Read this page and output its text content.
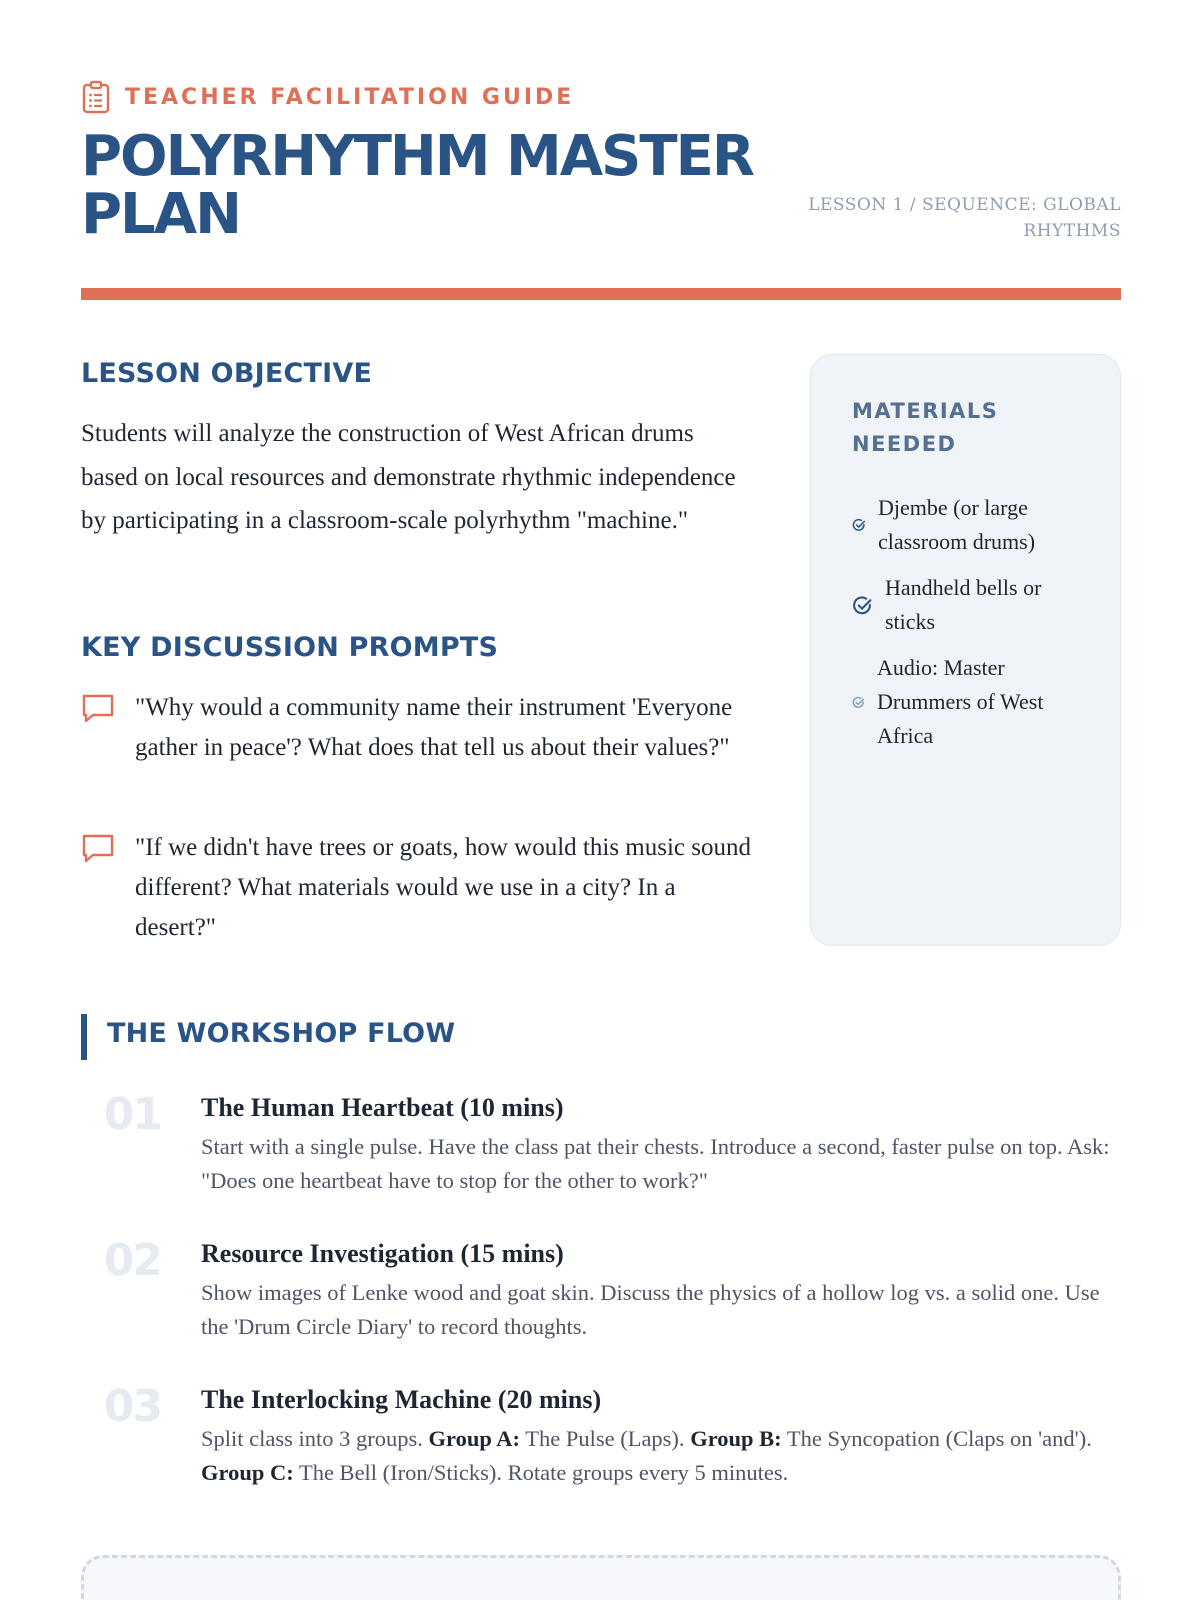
TEACHER FACILITATION GUIDE
POLYRHYTHM MASTER PLAN	LESSON 1 / SEQUENCE: GLOBAL RHYTHMS
LESSON OBJECTIVE

Students will analyze the construction of West African drums based on local resources and demonstrate rhythmic independence by participating in a classroom-scale polyrhythm "machine."

KEY DISCUSSION PROMPTS
"Why would a community name their instrument 'Everyone gather in peace'? What does that tell us about their values?"
"If we didn't have trees or goats, how would this music sound different? What materials would we use in a city? In a desert?"
MATERIALS NEEDED
Djembe (or large classroom drums)
Handheld bells or sticks
Audio: Master Drummers of West Africa
THE WORKSHOP FLOW
01 The Human Heartbeat (10 mins)
Start with a single pulse. Have the class pat their chests. Introduce a second, faster pulse on top. Ask: "Does one heartbeat have to stop for the other to work?"
02 Resource Investigation (15 mins)
Show images of Lenke wood and goat skin. Discuss the physics of a hollow log vs. a solid one. Use the 'Drum Circle Diary' to record thoughts.
03 The Interlocking Machine (20 mins)
Split class into 3 groups. Group A: The Pulse (Laps). Group B: The Syncopation (Claps on 'and'). Group C: The Bell (Iron/Sticks). Rotate groups every 5 minutes.
